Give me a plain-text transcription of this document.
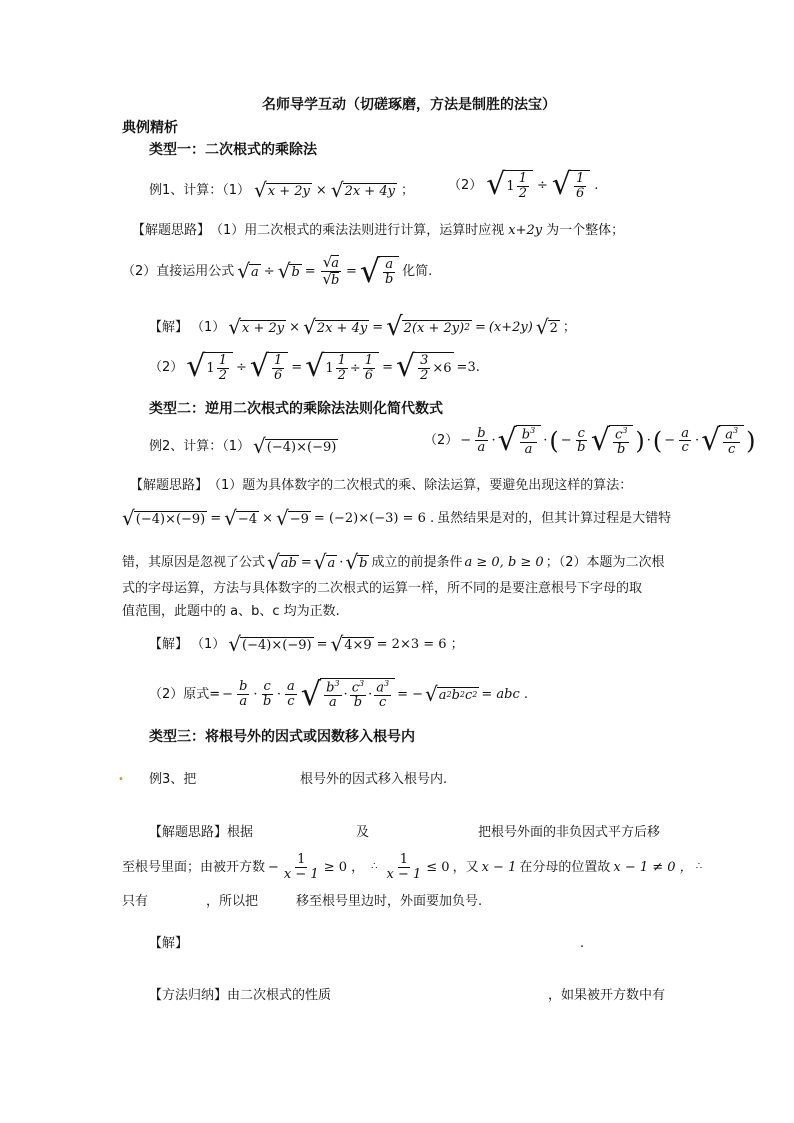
名师导学互动（切磋琢磨，方法是制胜的法宝）
典例精析
类型一：二次根式的乘除法
例1、计算：（1） √ x + 2y × √ 2x + 4y ；	（2） √ 1
1
2
÷ √ 1
6
.
【解题思路】 （1）用二次根式的乘法法则进行计算，运算时应视 x+2y 为一个整体；
（2）直接运用公式 √ a ÷ √ $b = \frac{√a}{√b}$ = √ a
b
化简.
【解】 （1） √ x + 2y × √ 2x + 4y = √ 2(x + 2y) 2 = (x+2y) √ 2 ；
（2） √ 1
1
2
÷ √ 1
6
= √ $1 \frac{1}{2} \div \frac{1}{6}$ = √ $\frac{3}{2} \times 6 =3$.
类型二：逆用二次根式的乘除法法则化简代数式
例2、计算：（1） √ (−4)×(−9)	$(2) - \frac{b}{a}$ · √ $b^3$
a
· ( − $\frac{c}{b}$ √ $c^3$
b ) · ( − $\frac{a}{c}$ · √ $a^3$
c )
【解题思路】 （1）题为具体数字的二次根式的乘、除法运算，要避免出现这样的算法：
√ (−4)×(−9) = √ −4 × √ −9 = (−2)×(−3) = 6 . 虽然结果是对的，但其计算过程是大错特
错，其原因是忽视了公式 √ ab = √ a · √ b 成立的前提条件 a ≥ 0, b ≥ 0 ；（2）本题为二次根
式的字母运算，方法与具体数字的二次根式的运算一样，所不同的是要注意根号下字母的取
值范围，此题中的 a、b、c 均为正数.
【解】 （1） √ (−4)×(−9) = √ 4×9 = 2×3 = 6 ；
（2）原式= − $\frac{b}{a}$ ·
c
b ·
a
c √ $b^3$
a
· $c^3$
b
· $a^3$
c
= − √ a 2 b 2 c 2 = abc .
类型三：将根号外的因式或因数移入根号内
• 例3、把	根号外的因式移入根号内.
【解题思路】 根据	及	把根号外面的非负因式平方后移
至根号里面；由被开方数 − $\frac{1}{x - 1} \ge 0$ ， ∴ $\frac{1}{x - 1} \le 0$ ，又 x − 1 在分母的位置故 x − 1 ≠ 0 ， ∴
只有	，所以把	移至根号里边时，外面要加负号.
【解】	.
【方法归纳】 由二次根式的性质	，如果被开方数中有
